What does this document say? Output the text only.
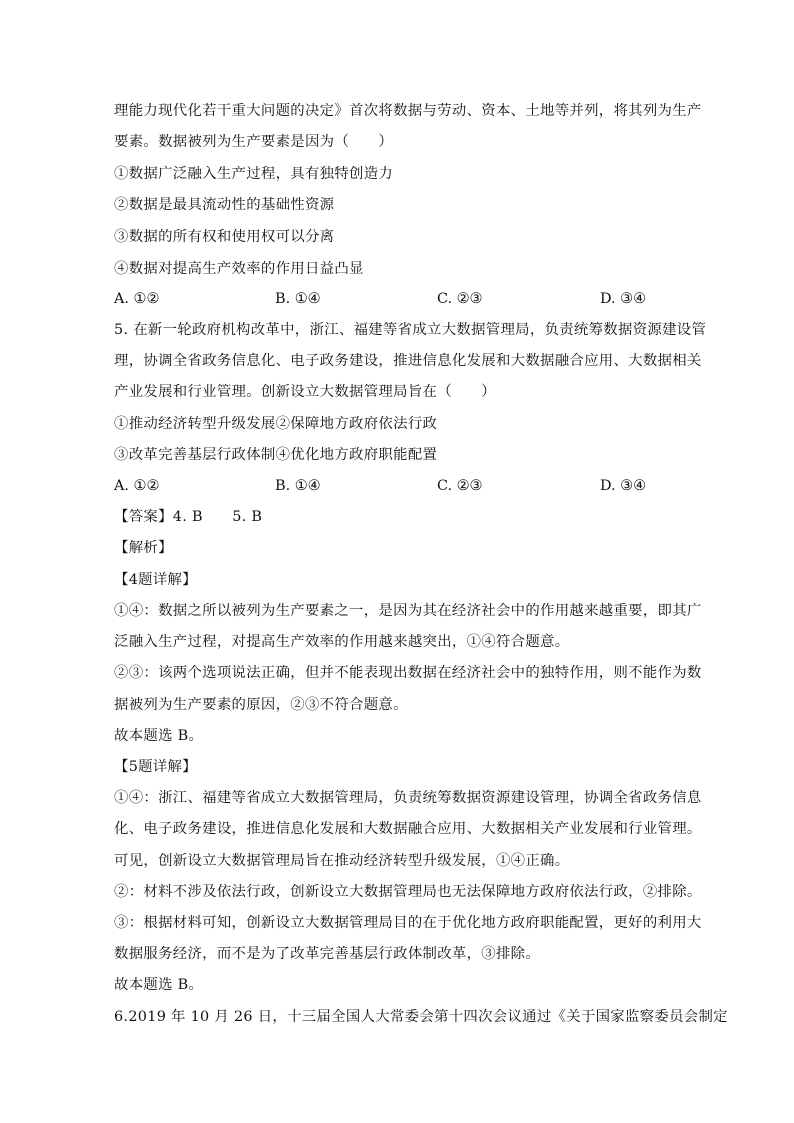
理能力现代化若干重大问题的决定》首次将数据与劳动、资本、土地等并列，将其列为生产
要素。数据被列为生产要素是因为（　　）
①数据广泛融入生产过程，具有独特创造力
②数据是最具流动性的基础性资源
③数据的所有权和使用权可以分离
④数据对提高生产效率的作用日益凸显
A. ①②	B. ①④	C. ②③	D. ③④
5. 在新一轮政府机构改革中，浙江、福建等省成立大数据管理局，负责统筹数据资源建设管
理，协调全省政务信息化、电子政务建设，推进信息化发展和大数据融合应用、大数据相关
产业发展和行业管理。创新设立大数据管理局旨在（　　）
①推动经济转型升级发展②保障地方政府依法行政
③改革完善基层行政体制④优化地方政府职能配置
A. ①②	B. ①④	C. ②③	D. ③④
【答案】4. B　　5. B
【解析】
【4题详解】
①④：数据之所以被列为生产要素之一，是因为其在经济社会中的作用越来越重要，即其广
泛融入生产过程，对提高生产效率的作用越来越突出，①④符合题意。
②③：该两个选项说法正确，但并不能表现出数据在经济社会中的独特作用，则不能作为数
据被列为生产要素的原因，②③不符合题意。
故本题选 B。
【5题详解】
①④：浙江、福建等省成立大数据管理局，负责统筹数据资源建设管理，协调全省政务信息
化、电子政务建设，推进信息化发展和大数据融合应用、大数据相关产业发展和行业管理。
可见，创新设立大数据管理局旨在推动经济转型升级发展，①④正确。
②：材料不涉及依法行政，创新设立大数据管理局也无法保障地方政府依法行政，②排除。
③：根据材料可知，创新设立大数据管理局目的在于优化地方政府职能配置，更好的利用大
数据服务经济，而不是为了改革完善基层行政体制改革，③排除。
故本题选 B。
6.2019 年 10 月 26 日，十三届全国人大常委会第十四次会议通过《关于国家监察委员会制定
